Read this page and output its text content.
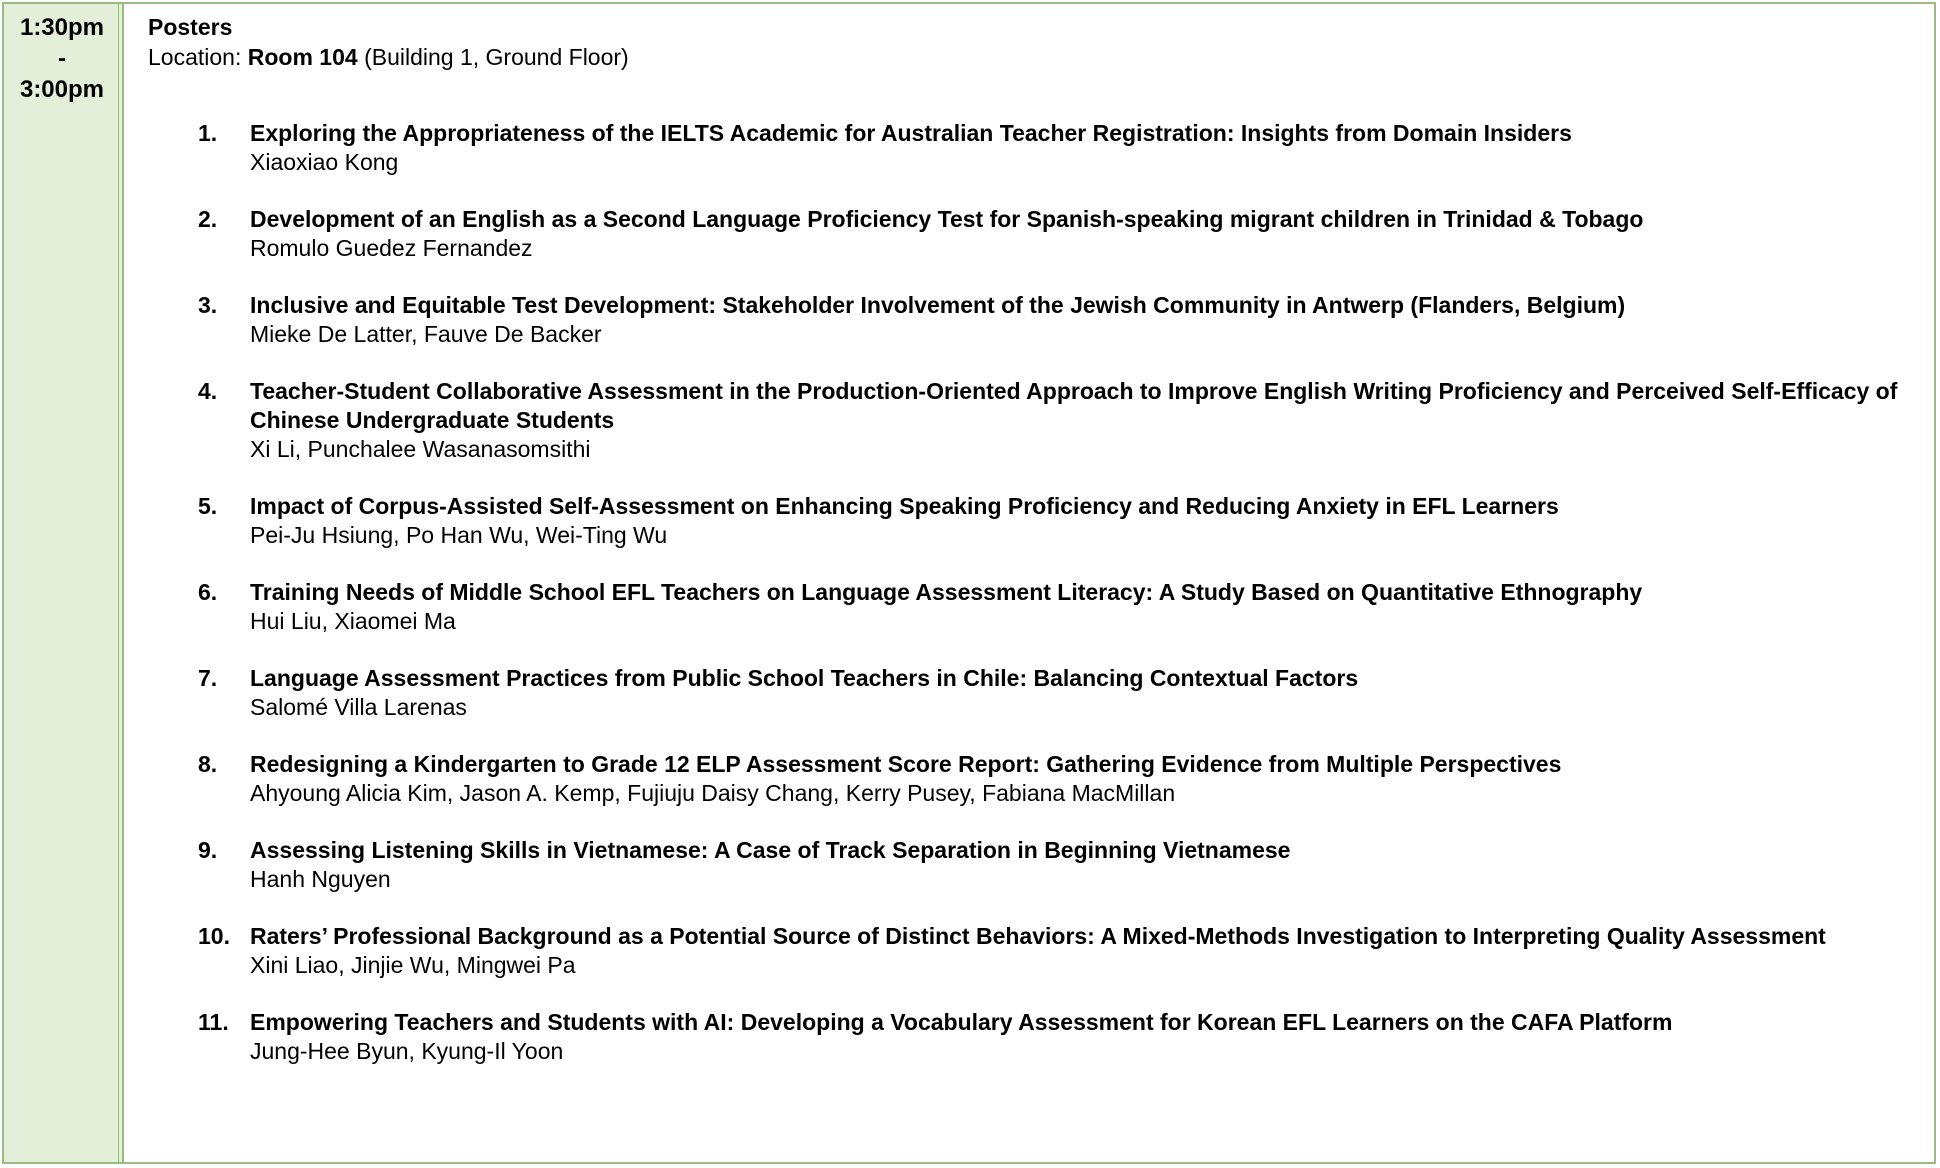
1:30pm
-
3:00pm
Posters
Location: Room 104 (Building 1, Ground Floor)
1. Exploring the Appropriateness of the IELTS Academic for Australian Teacher Registration: Insights from Domain Insiders
Xiaoxiao Kong
2. Development of an English as a Second Language Proficiency Test for Spanish-speaking migrant children in Trinidad & Tobago
Romulo Guedez Fernandez
3. Inclusive and Equitable Test Development: Stakeholder Involvement of the Jewish Community in Antwerp (Flanders, Belgium)
Mieke De Latter, Fauve De Backer
4. Teacher-Student Collaborative Assessment in the Production-Oriented Approach to Improve English Writing Proficiency and Perceived Self-Efficacy of Chinese Undergraduate Students
Xi Li, Punchalee Wasanasomsithi
5. Impact of Corpus-Assisted Self-Assessment on Enhancing Speaking Proficiency and Reducing Anxiety in EFL Learners
Pei-Ju Hsiung, Po Han Wu, Wei-Ting Wu
6. Training Needs of Middle School EFL Teachers on Language Assessment Literacy: A Study Based on Quantitative Ethnography
Hui Liu, Xiaomei Ma
7. Language Assessment Practices from Public School Teachers in Chile: Balancing Contextual Factors
Salomé Villa Larenas
8. Redesigning a Kindergarten to Grade 12 ELP Assessment Score Report: Gathering Evidence from Multiple Perspectives
Ahyoung Alicia Kim, Jason A. Kemp, Fujiuju Daisy Chang, Kerry Pusey, Fabiana MacMillan
9. Assessing Listening Skills in Vietnamese: A Case of Track Separation in Beginning Vietnamese
Hanh Nguyen
10. Raters’ Professional Background as a Potential Source of Distinct Behaviors: A Mixed-Methods Investigation to Interpreting Quality Assessment
Xini Liao, Jinjie Wu, Mingwei Pa
11. Empowering Teachers and Students with AI: Developing a Vocabulary Assessment for Korean EFL Learners on the CAFA Platform
Jung-Hee Byun, Kyung-Il Yoon
